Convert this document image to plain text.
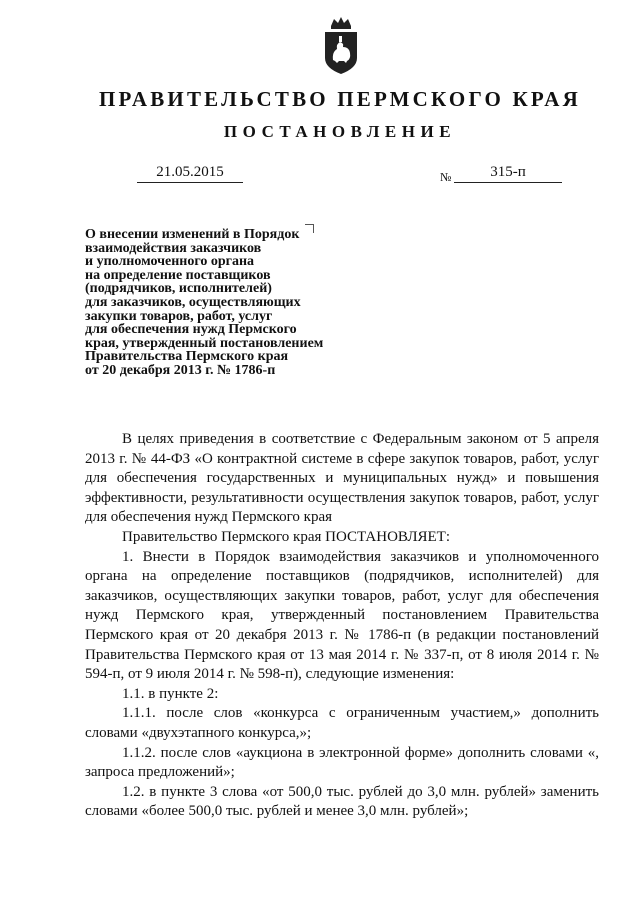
ПРАВИТЕЛЬСТВО ПЕРМСКОГО КРАЯ
ПОСТАНОВЛЕНИЕ
21.05.2015	№	315-п
О внесении изменений в Порядок
взаимодействия заказчиков
и уполномоченного органа
на определение поставщиков
(подрядчиков, исполнителей)
для заказчиков, осуществляющих
закупки товаров, работ, услуг
для обеспечения нужд Пермского
края, утвержденный постановлением
Правительства Пермского края
от 20 декабря 2013 г. № 1786-п

В целях приведения в соответствие с Федеральным законом от 5 апреля 2013 г. № 44-ФЗ «О контрактной системе в сфере закупок товаров, работ, услуг для обеспечения государственных и муниципальных нужд» и повышения эффективности, результативности осуществления закупок товаров, работ, услуг для обеспечения нужд Пермского края

Правительство Пермского края ПОСТАНОВЛЯЕТ:

1. Внести в Порядок взаимодействия заказчиков и уполномоченного органа на определение поставщиков (подрядчиков, исполнителей) для заказчиков, осуществляющих закупки товаров, работ, услуг для обеспечения нужд Пермского края, утвержденный постановлением Правительства Пермского края от 20 декабря 2013 г. № 1786-п (в редакции постановлений Правительства Пермского края от 13 мая 2014 г. № 337-п, от 8 июля 2014 г. № 594-п, от 9 июля 2014 г. № 598-п), следующие изменения:

1.1. в пункте 2:

1.1.1. после слов «конкурса с ограниченным участием,» дополнить словами «двухэтапного конкурса,»;

1.1.2. после слов «аукциона в электронной форме» дополнить словами «, запроса предложений»;

1.2. в пункте 3 слова «от 500,0 тыс. рублей до 3,0 млн. рублей» заменить словами «более 500,0 тыс. рублей и менее 3,0 млн. рублей»;
